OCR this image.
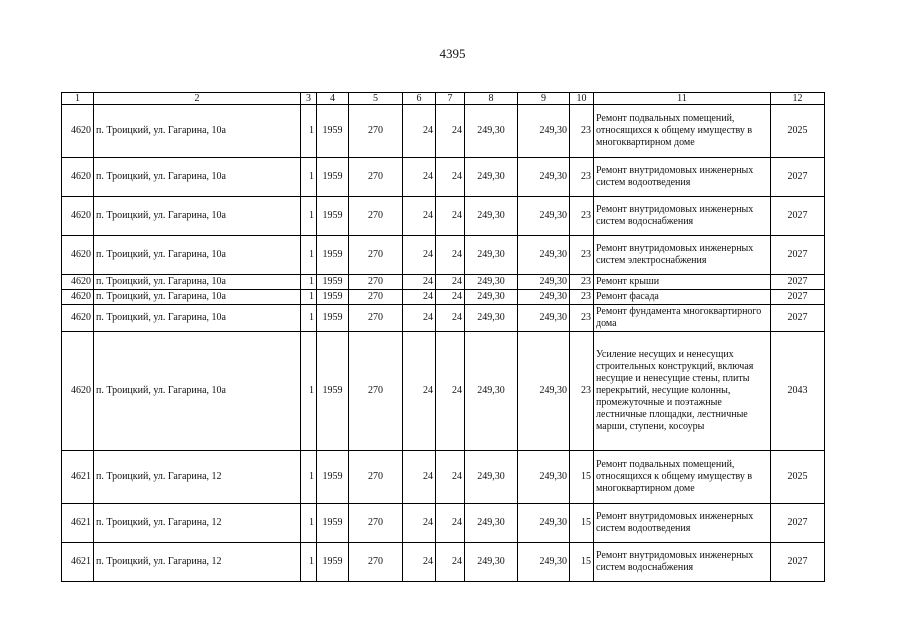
4395
1	2	3	4	5	6	7	8	9	10	11	12
4620	п. Троицкий, ул. Гагарина, 10а	1	1959	270	24	24	249,30	249,30	23	Ремонт подвальных помещений, относящихся к общему имуществу в многоквартирном доме	2025
4620	п. Троицкий, ул. Гагарина, 10а	1	1959	270	24	24	249,30	249,30	23	Ремонт внутридомовых инженерных систем водоотведения	2027
4620	п. Троицкий, ул. Гагарина, 10а	1	1959	270	24	24	249,30	249,30	23	Ремонт внутридомовых инженерных систем водоснабжения	2027
4620	п. Троицкий, ул. Гагарина, 10а	1	1959	270	24	24	249,30	249,30	23	Ремонт внутридомовых инженерных систем электроснабжения	2027
4620	п. Троицкий, ул. Гагарина, 10а	1	1959	270	24	24	249,30	249,30	23	Ремонт крыши	2027
4620	п. Троицкий, ул. Гагарина, 10а	1	1959	270	24	24	249,30	249,30	23	Ремонт фасада	2027
4620	п. Троицкий, ул. Гагарина, 10а	1	1959	270	24	24	249,30	249,30	23	Ремонт фундамента многоквартирного дома	2027
4620	п. Троицкий, ул. Гагарина, 10а	1	1959	270	24	24	249,30	249,30	23	Усиление несущих и ненесущих строительных конструкций, включая несущие и ненесущие стены, плиты перекрытий, несущие колонны, промежуточные и поэтажные лестничные площадки, лестничные марши, ступени, косоуры	2043
4621	п. Троицкий, ул. Гагарина, 12	1	1959	270	24	24	249,30	249,30	15	Ремонт подвальных помещений, относящихся к общему имуществу в многоквартирном доме	2025
4621	п. Троицкий, ул. Гагарина, 12	1	1959	270	24	24	249,30	249,30	15	Ремонт внутридомовых инженерных систем водоотведения	2027
4621	п. Троицкий, ул. Гагарина, 12	1	1959	270	24	24	249,30	249,30	15	Ремонт внутридомовых инженерных систем водоснабжения	2027
